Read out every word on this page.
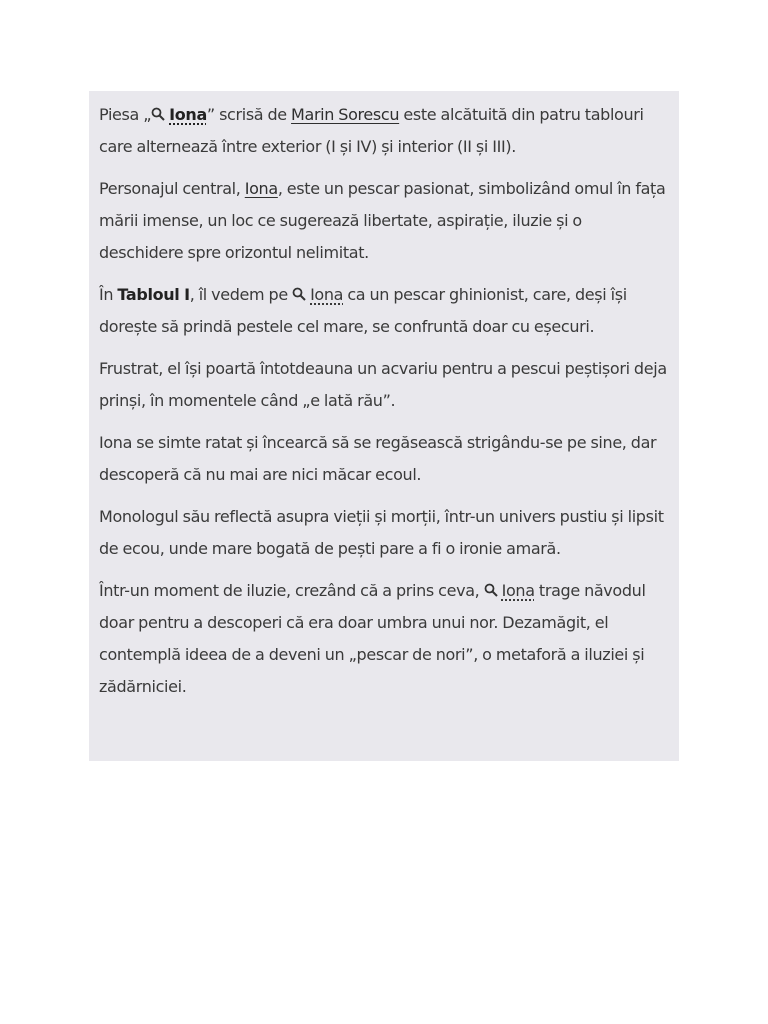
Piesa „ Iona” scrisă de Marin Sorescu este alcătuită din patru tablouri care alternează între exterior (I și IV) și interior (II și III).

Personajul central, Iona, este un pescar pasionat, simbolizând omul în fața mării imense, un loc ce sugerează libertate, aspirație, iluzie și o deschidere spre orizontul nelimitat.

În Tabloul I, îl vedem pe
Iona ca un pescar ghinionist, care, deși își dorește să prindă pestele cel mare, se confruntă doar cu eșecuri.

Frustrat, el își poartă întotdeauna un acvariu pentru a pescui peștișori deja prinși, în momentele când „e lată rău”.

Iona se simte ratat și încearcă să se regăsească strigându-se pe sine, dar descoperă că nu mai are nici măcar ecoul.

Monologul său reflectă asupra vieții și morții, într-un univers pustiu și lipsit de ecou, unde mare bogată de pești pare a fi o ironie amară.

Într-un moment de iluzie, crezând că a prins ceva,
Iona trage năvodul doar pentru a descoperi că era doar umbra unui nor. Dezamăgit, el contemplă ideea de a deveni un „pescar de nori”, o metaforă a iluziei și zădărniciei.
